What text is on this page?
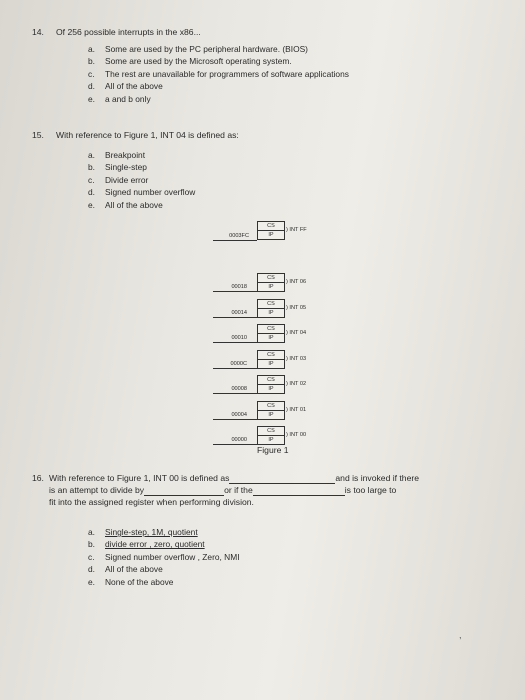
14. Of 256 possible interrupts in the x86...
a.	Some are used by the PC peripheral hardware. (BIOS)
b.	Some are used by the Microsoft operating system.
c.	The rest are unavailable for programmers of software applications
d.	All of the above
e.	a and b only
15. With reference to Figure 1, INT 04 is defined as:
a.	Breakpoint
b.	Single-step
c.	Divide error
d.	Signed number overflow
e.	All of the above
CS
IP
0003FC
) INT FF
CS
IP
00018
) INT 06
CS
IP
00014
) INT 05
CS
IP
00010
) INT 04
CS
IP
0000C
) INT 03
CS
IP
00008
) INT 02
CS
IP
00004
) INT 01
CS
IP
00000
) INT 00
Figure 1
16. With reference to Figure 1, INT 00 is defined as	and is invoked if there
is an attempt to divide by	or if the	is too large to
fit into the assigned register when performing division.
a.	Single-step, 1M, quotient
b.	divide error , zero, quotient
c.	Signed number overflow , Zero, NMI
d.	All of the above
e.	None of the above
,
